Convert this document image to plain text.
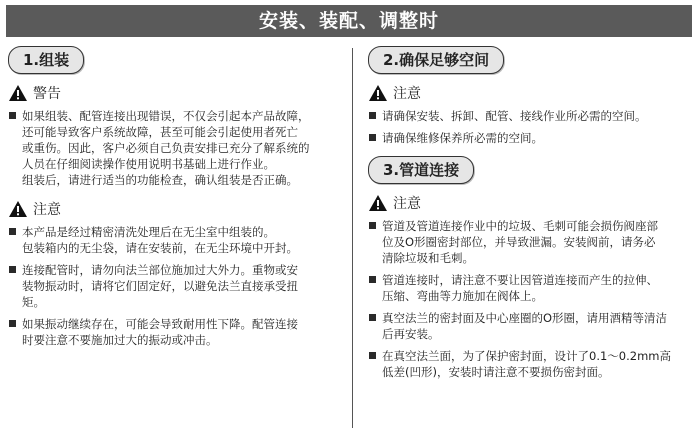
安装、装配、调整时
1.组装
警告
如果组装、配管连接出现错误，不仅会引起本产品故障，
还可能导致客户系统故障，甚至可能会引起使用者死亡
或重伤。因此，客户必须自己负责安排已充分了解系统的
人员在仔细阅读操作使用说明书基础上进行作业。
组装后，请进行适当的功能检查，确认组装是否正确。
注意
本产品是经过精密清洗处理后在无尘室中组装的。
包装箱内的无尘袋，请在安装前，在无尘环境中开封。
连接配管时，请勿向法兰部位施加过大外力。重物或安
装物振动时，请将它们固定好，以避免法兰直接承受扭
矩。
如果振动继续存在，可能会导致耐用性下降。配管连接
时要注意不要施加过大的振动或冲击。
2.确保足够空间
注意
请确保安装、拆卸、配管、接线作业所必需的空间。
请确保维修保养所必需的空间。
3.管道连接
注意
管道及管道连接作业中的垃圾、毛刺可能会损伤阀座部
位及O形圈密封部位，并导致泄漏。安装阀前，请务必
清除垃圾和毛刺。
管道连接时，请注意不要让因管道连接而产生的拉伸、
压缩、弯曲等力施加在阀体上。
真空法兰的密封面及中心座圈的O形圈，请用酒精等清洁
后再安装。
在真空法兰面，为了保护密封面，设计了0.1～0.2mm高
低差(凹形)，安装时请注意不要损伤密封面。
